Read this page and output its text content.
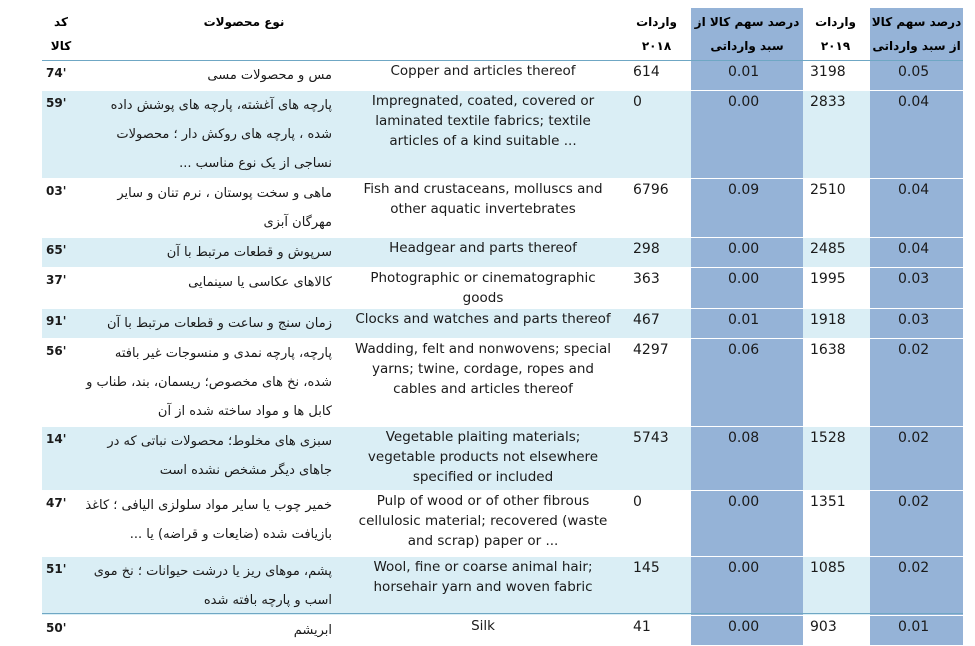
کد کالا	نوع محصولات		واردات ۲۰۱۸	درصد سهم کالا از سبد وارداتی	واردات ۲۰۱۹	درصد سهم کالا از سبد وارداتی
74'	مس و محصولات مسی	Copper and articles thereof	614	0.01	3198	0.05
59'	پارچه های آغشته، پارچه های پوشش داده شده ، پارچه های روکش دار ؛ محصولات نساجی از یک نوع مناسب ...	Impregnated, coated, covered or laminated textile fabrics; textile articles of a kind suitable ...	0	0.00	2833	0.04
03'	ماهی و سخت پوستان ، نرم تنان و سایر مهرگان آبزی	Fish and crustaceans, molluscs and other aquatic invertebrates	6796	0.09	2510	0.04
65'	سرپوش و قطعات مرتبط با آن	Headgear and parts thereof	298	0.00	2485	0.04
37'	کالاهای عکاسی یا سینمایی	Photographic or cinematographic goods	363	0.00	1995	0.03
91'	زمان سنج و ساعت و قطعات مرتبط با آن	Clocks and watches and parts thereof	467	0.01	1918	0.03
56'	پارچه، پارچه نمدی و منسوجات غیر بافته شده، نخ های مخصوص؛ ریسمان، بند، طناب و کابل ها و مواد ساخته شده از آن	Wadding, felt and nonwovens; special yarns; twine, cordage, ropes and cables and articles thereof	4297	0.06	1638	0.02
14'	سبزی های مخلوط؛ محصولات نباتی که در جاهای دیگر مشخص نشده است	Vegetable plaiting materials; vegetable products not elsewhere specified or included	5743	0.08	1528	0.02
47'	خمیر چوب یا سایر مواد سلولزی الیافی ؛ کاغذ بازیافت شده (ضایعات و قراضه) یا ...	Pulp of wood or of other fibrous cellulosic material; recovered (waste and scrap) paper or ...	0	0.00	1351	0.02
51'	پشم، موهای ریز یا درشت حیوانات ؛ نخ موی اسب و پارچه بافته شده	Wool, fine or coarse animal hair; horsehair yarn and woven fabric	145	0.00	1085	0.02
50'	ابریشم	Silk	41	0.00	903	0.01
